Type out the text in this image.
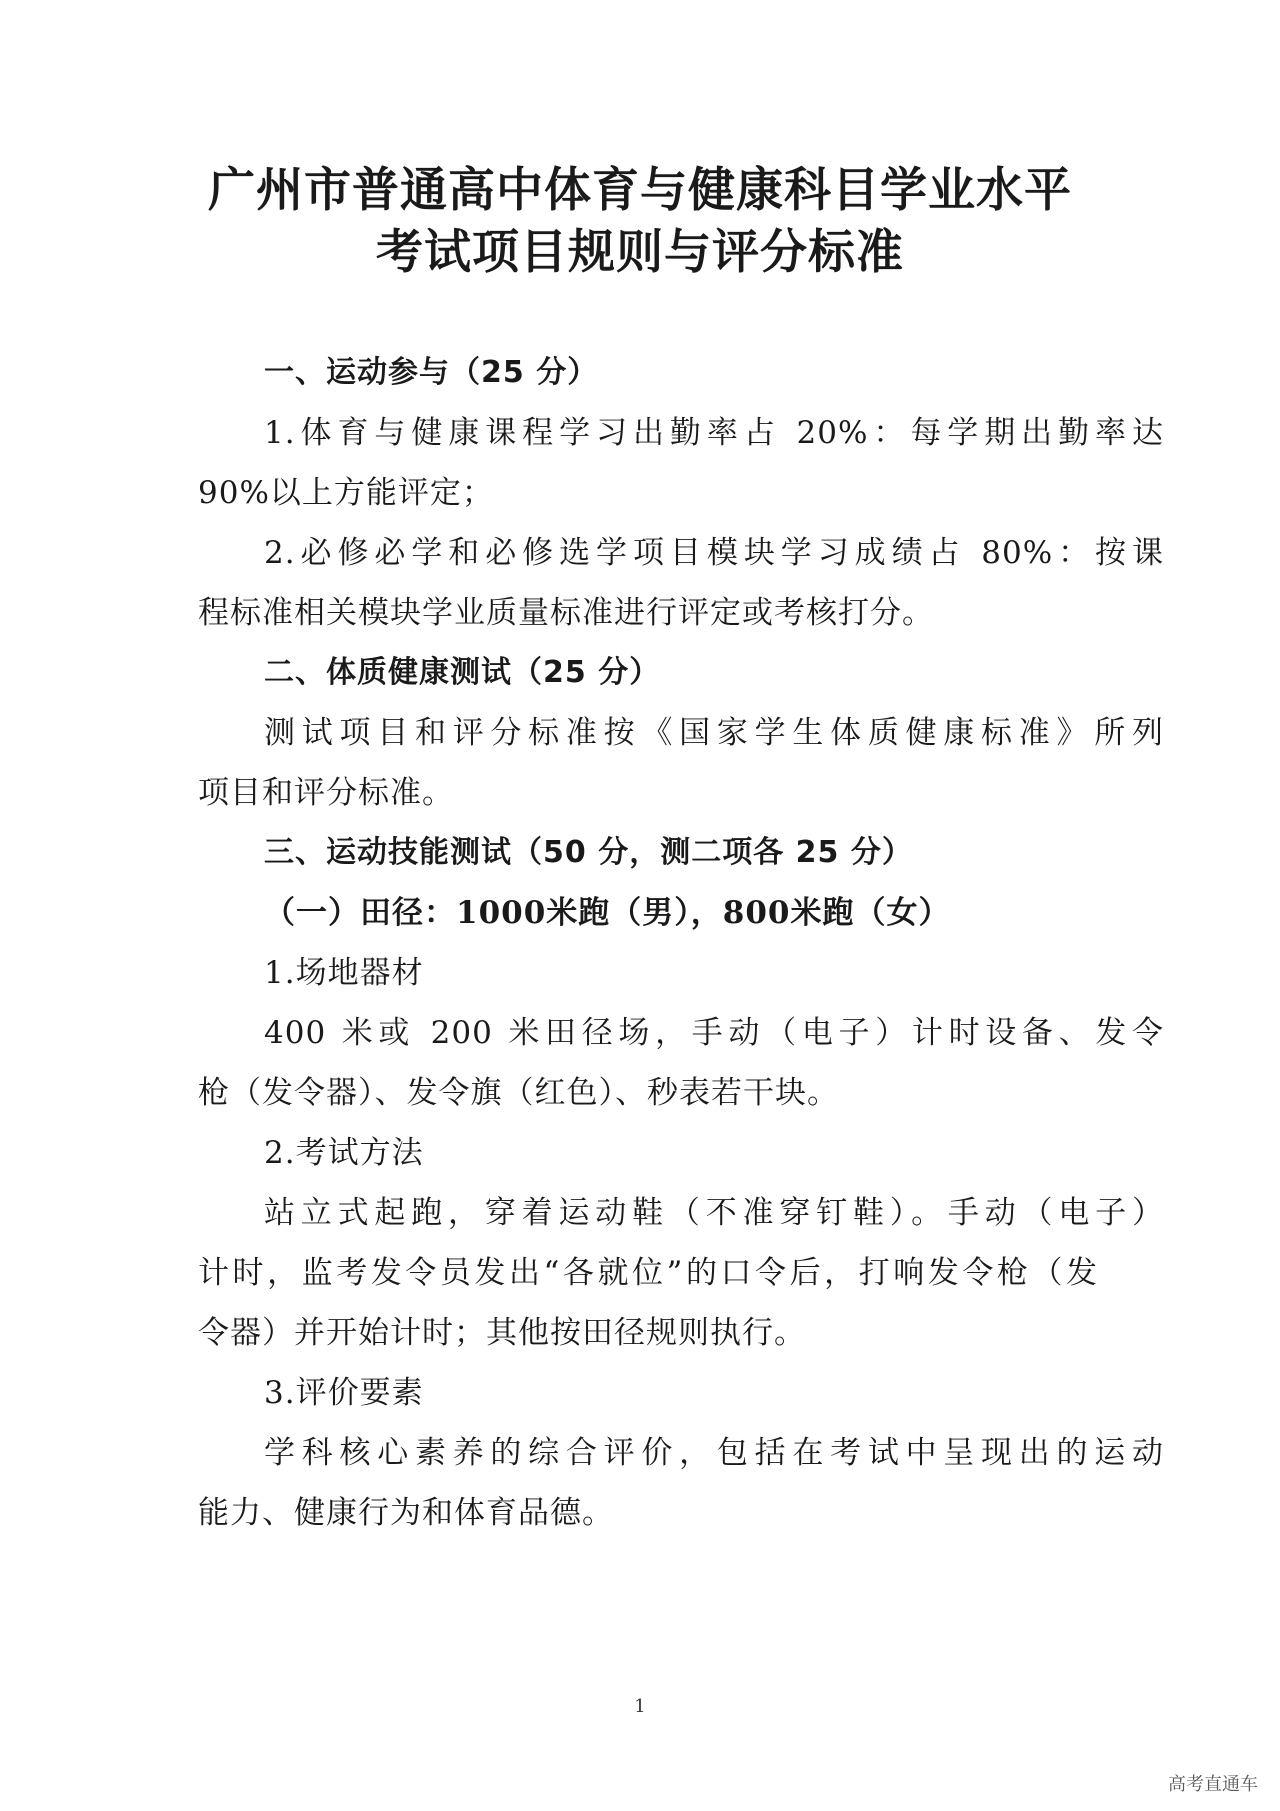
广州市普通高中体育与健康科目学业水平
考试项目规则与评分标准
一、运动参与（25 分）
1.体育与健康课程学习出勤率占 20%：每学期出勤率达
90%以上方能评定；
2.必修必学和必修选学项目模块学习成绩占 80%：按课
程标准相关模块学业质量标准进行评定或考核打分。
二、体质健康测试（25 分）
测试项目和评分标准按《国家学生体质健康标准》所列
项目和评分标准。
三、运动技能测试（50 分，测二项各 25 分）
（一）田径：1000米跑（男），800米跑（女）
1.场地器材
400 米或 200 米田径场，手动（电子）计时设备、发令
枪（发令器）、发令旗（红色）、秒表若干块。
2.考试方法
站立式起跑，穿着运动鞋（不准穿钉鞋）。手动（电子）
计时，监考发令员发出“各就位”的口令后，打响发令枪（发
令器）并开始计时；其他按田径规则执行。
3.评价要素
学科核心素养的综合评价，包括在考试中呈现出的运动
能力、健康行为和体育品德。
1
高考直通车
